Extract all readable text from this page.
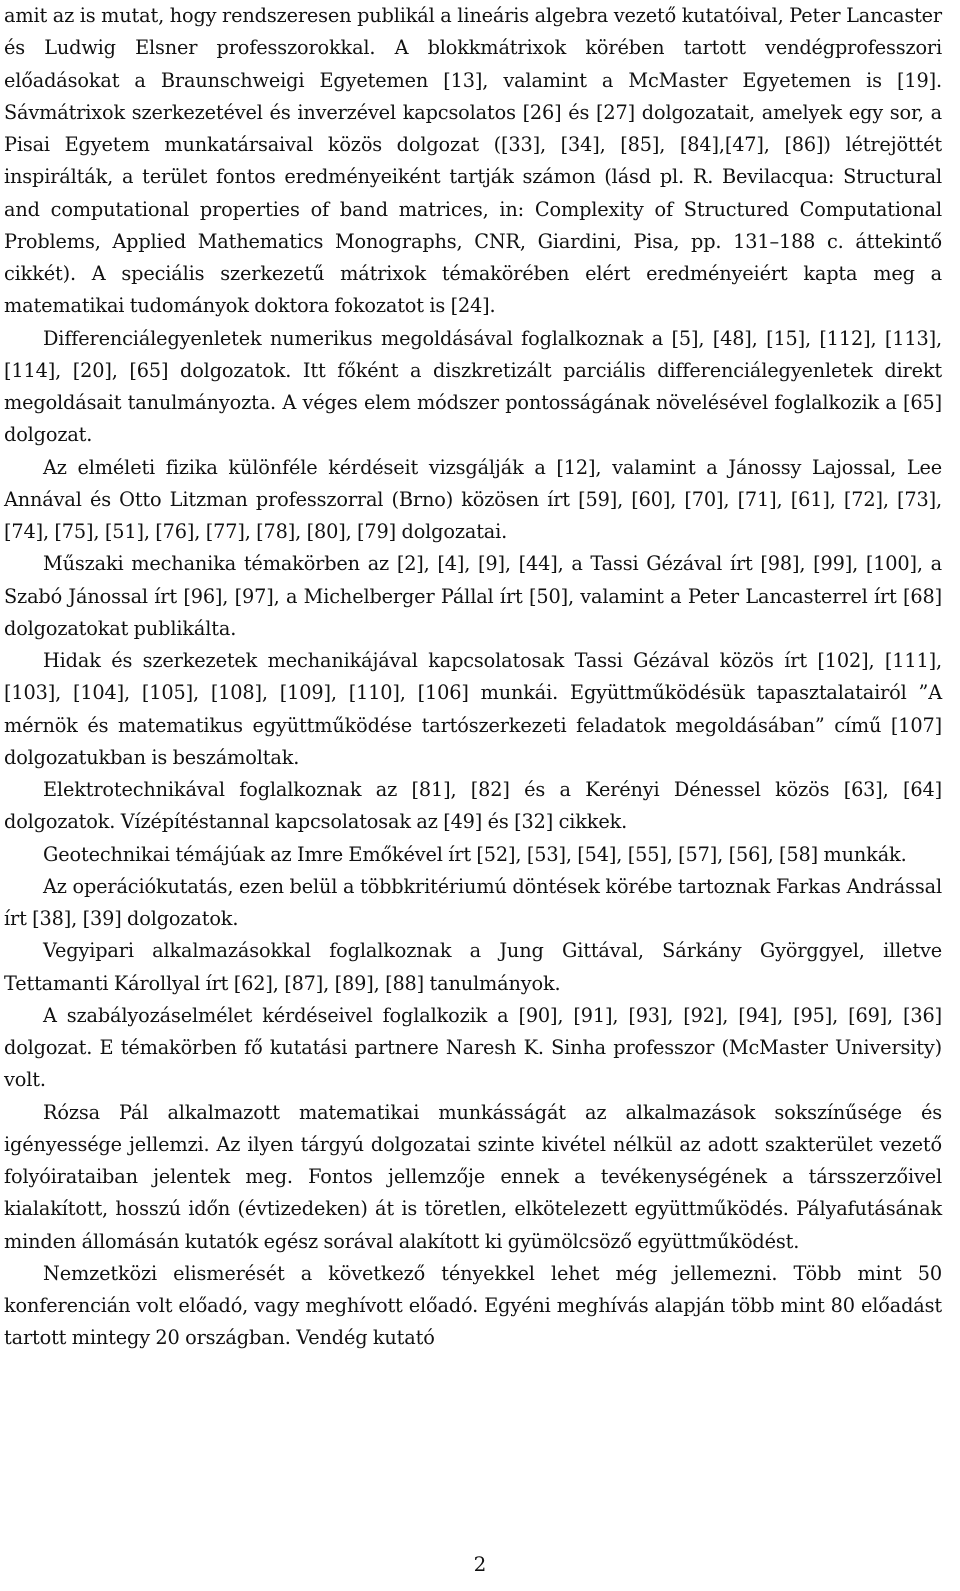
amit az is mutat, hogy rendszeresen publikál a lineáris algebra vezető kutatóival, Peter Lancaster és Ludwig Elsner professzorokkal. A blokkmátrixok körében tartott vendégprofesszori előadásokat a Braunschweigi Egyetemen [13], valamint a McMaster Egyetemen is [19]. Sávmátrixok szerkezetével és inverzével kapcsolatos [26] és [27] dolgozatait, amelyek egy sor, a Pisai Egyetem munkatársaival közös dolgozat ([33], [34], [85], [84],[47], [86]) létrejöttét inspirálták, a terület fontos eredményeiként tartják számon (lásd pl. R. Bevilacqua: Structural and computational properties of band matrices, in: Complexity of Structured Computational Problems, Applied Mathematics Monographs, CNR, Giardini, Pisa, pp. 131–188 c. áttekintő cikkét). A speciális szerkezetű mátrixok témakörében elért eredményeiért kapta meg a matematikai tudományok doktora fokozatot is [24].

Differenciálegyenletek numerikus megoldásával foglalkoznak a [5], [48], [15], [112], [113], [114], [20], [65] dolgozatok. Itt főként a diszkretizált parciális differenciálegyenletek direkt megoldásait tanulmányozta. A véges elem módszer pontosságának növelésével foglalkozik a [65] dolgozat.

Az elméleti fizika különféle kérdéseit vizsgálják a [12], valamint a Jánossy Lajossal, Lee Annával és Otto Litzman professzorral (Brno) közösen írt [59], [60], [70], [71], [61], [72], [73], [74], [75], [51], [76], [77], [78], [80], [79] dolgozatai.

Műszaki mechanika témakörben az [2], [4], [9], [44], a Tassi Gézával írt [98], [99], [100], a Szabó Jánossal írt [96], [97], a Michelberger Pállal írt [50], valamint a Peter Lancasterrel írt [68] dolgozatokat publikálta.

Hidak és szerkezetek mechanikájával kapcsolatosak Tassi Gézával közös írt [102], [111], [103], [104], [105], [108], [109], [110], [106] munkái. Együttműködésük tapasztalatairól ”A mérnök és matematikus együttműködése tartószerkezeti feladatok megoldásában” című [107] dolgozatukban is beszámoltak.

Elektrotechnikával foglalkoznak az [81], [82] és a Kerényi Dénessel közös [63], [64] dolgozatok. Vízépítéstannal kapcsolatosak az [49] és [32] cikkek.

Geotechnikai témájúak az Imre Emőkével írt [52], [53], [54], [55], [57], [56], [58] munkák.

Az operációkutatás, ezen belül a többkritériumú döntések körébe tartoznak Farkas Andrással írt [38], [39] dolgozatok.

Vegyipari alkalmazásokkal foglalkoznak a Jung Gittával, Sárkány Györggyel, illetve Tettamanti Károllyal írt [62], [87], [89], [88] tanulmányok.

A szabályozáselmélet kérdéseivel foglalkozik a [90], [91], [93], [92], [94], [95], [69], [36] dolgozat. E témakörben fő kutatási partnere Naresh K. Sinha professzor (McMaster University) volt.

Rózsa Pál alkalmazott matematikai munkásságát az alkalmazások sokszínűsége és igényessége jellemzi. Az ilyen tárgyú dolgozatai szinte kivétel nélkül az adott szakterület vezető folyóirataiban jelentek meg. Fontos jellemzője ennek a tevékenységének a társszerzőivel kialakított, hosszú időn (évtizedeken) át is töretlen, elkötelezett együttműködés. Pályafutásának minden állomásán kutatók egész sorával alakított ki gyümölcsöző együttműködést.

Nemzetközi elismerését a következő tényekkel lehet még jellemezni. Több mint 50 konferencián volt előadó, vagy meghívott előadó. Egyéni meghívás alapján több mint 80 előadást tartott mintegy 20 országban. Vendég kutató

2
